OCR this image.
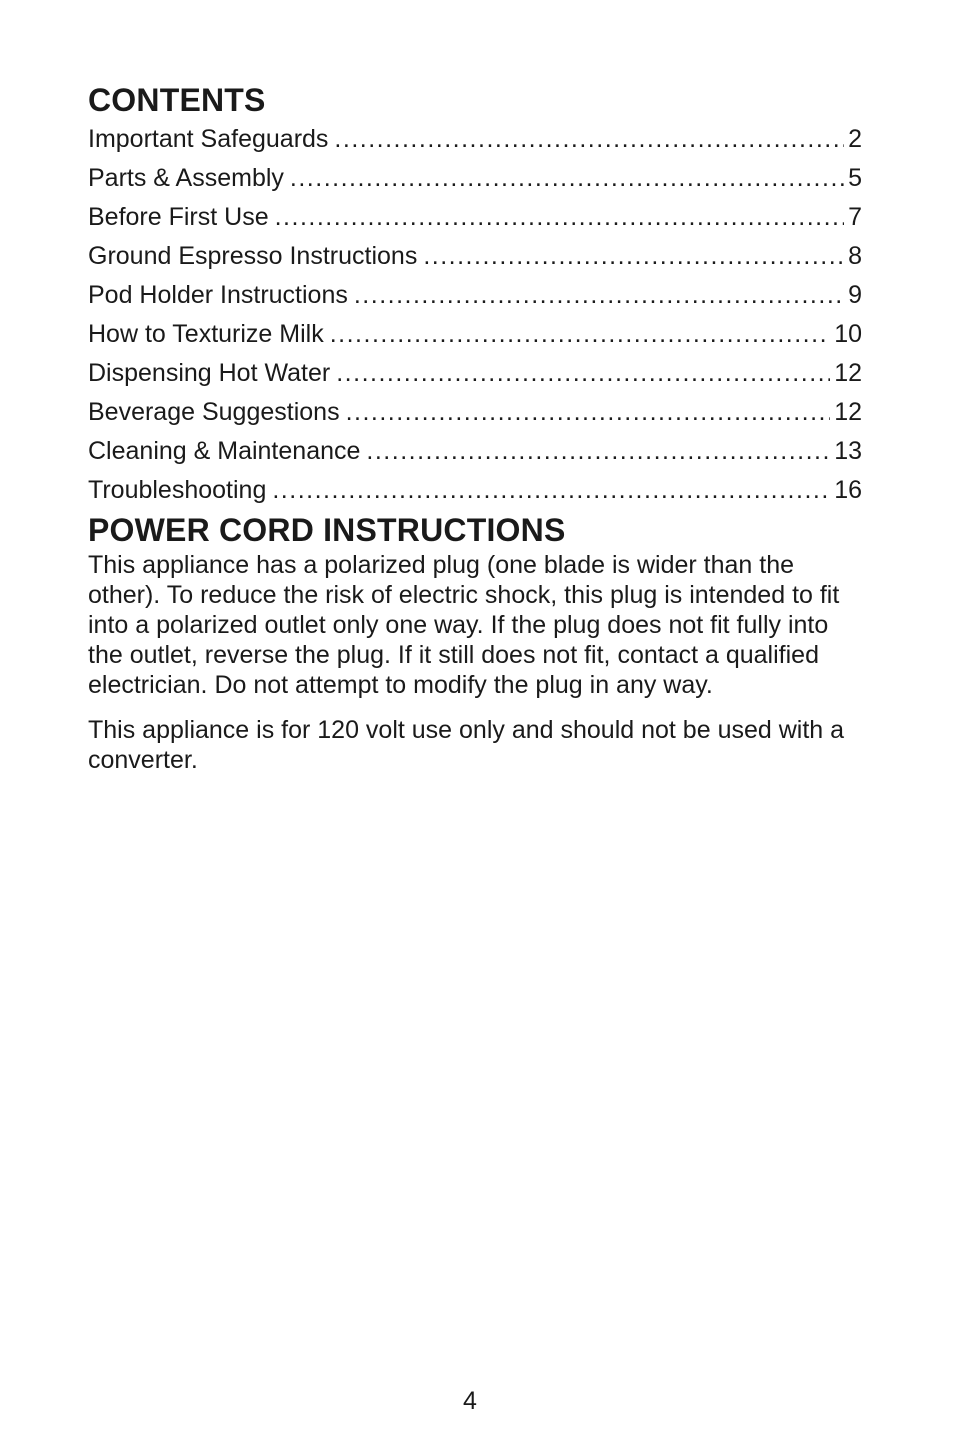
CONTENTS
Important Safeguards .....	2
Parts & Assembly .....	5
Before First Use .....	7
Ground Espresso Instructions .....	8
Pod Holder Instructions .....	9
How to Texturize Milk .....	10
Dispensing Hot Water .....	12
Beverage Suggestions .....	12
Cleaning & Maintenance .....	13
Troubleshooting .....	16
POWER CORD INSTRUCTIONS

This appliance has a polarized plug (one blade is wider than the other). To reduce the risk of electric shock, this plug is intended to fit into a polarized outlet only one way. If the plug does not fit fully into the outlet, reverse the plug. If it still does not fit, contact a qualified electrician. Do not attempt to modify the plug in any way.

This appliance is for 120 volt use only and should not be used with a converter.

4
